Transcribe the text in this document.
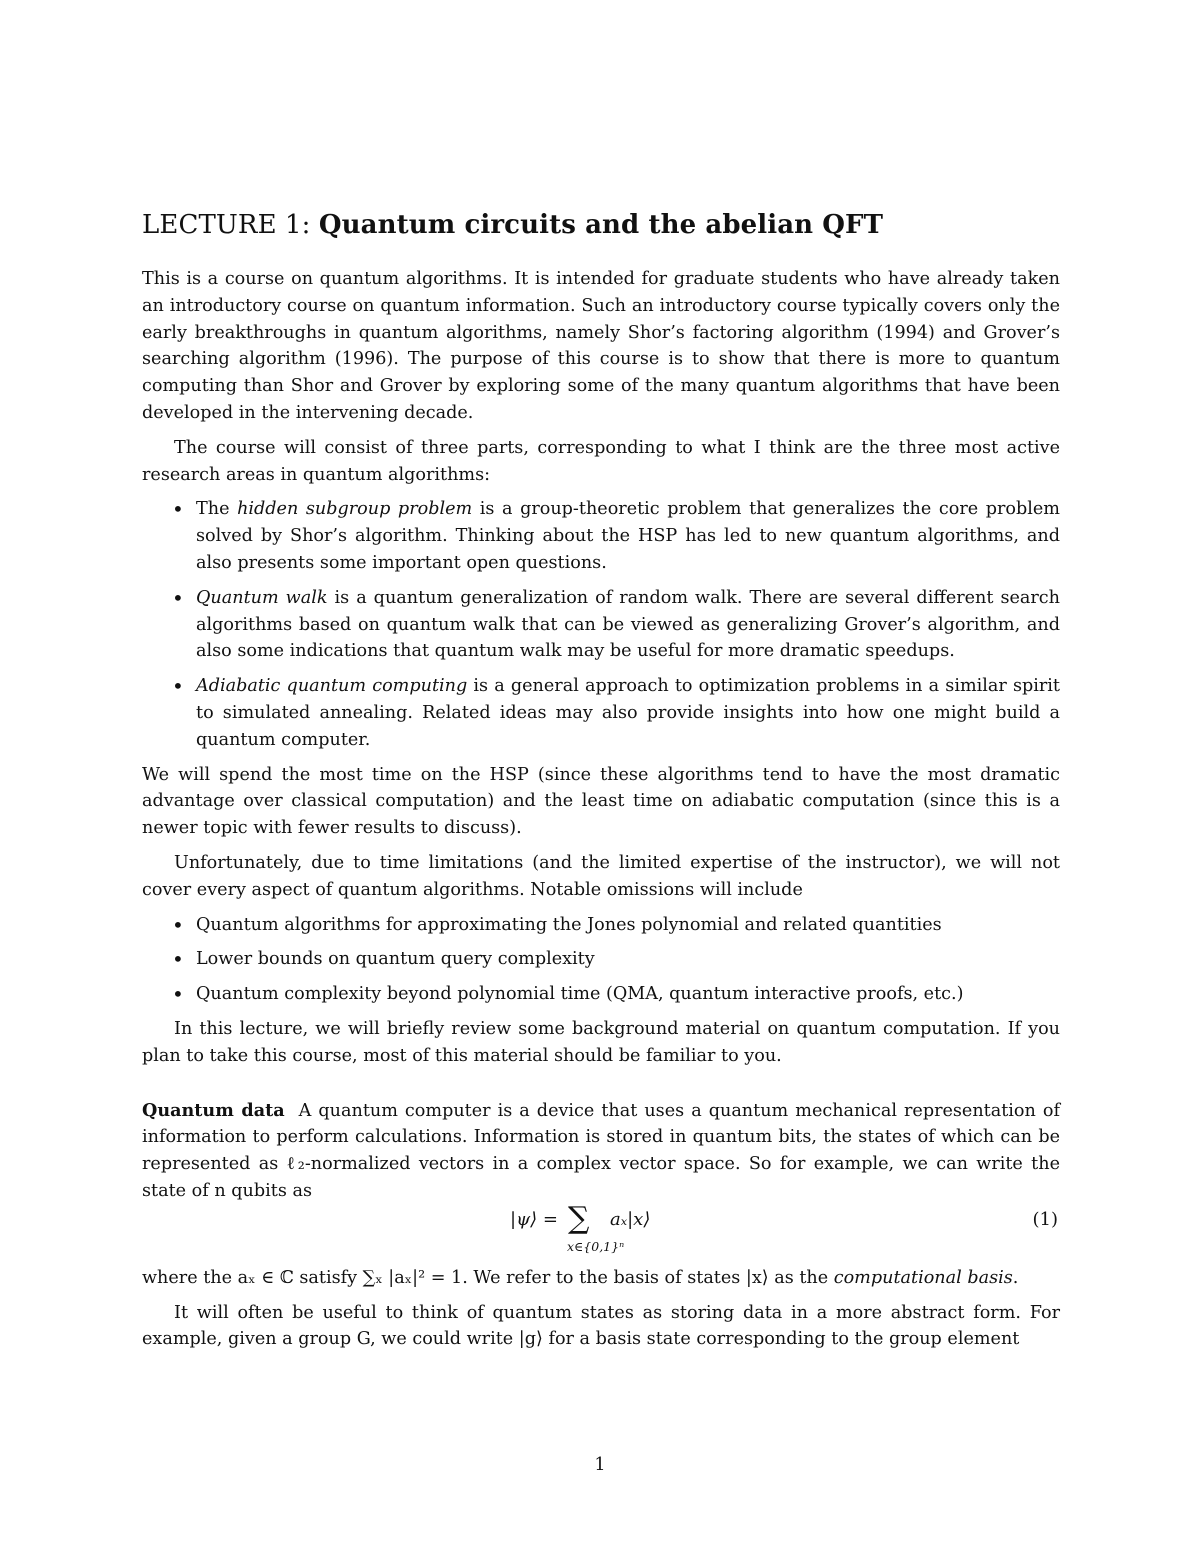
LECTURE 1: Quantum circuits and the abelian QFT

This is a course on quantum algorithms. It is intended for graduate students who have already taken an introductory course on quantum information. Such an introductory course typically covers only the early breakthroughs in quantum algorithms, namely Shor’s factoring algorithm (1994) and Grover’s searching algorithm (1996). The purpose of this course is to show that there is more to quantum computing than Shor and Grover by exploring some of the many quantum algorithms that have been developed in the intervening decade.

The course will consist of three parts, corresponding to what I think are the three most active research areas in quantum algorithms:

• The hidden subgroup problem is a group-theoretic problem that generalizes the core problem solved by Shor’s algorithm. Thinking about the HSP has led to new quantum algorithms, and also presents some important open questions.
• Quantum walk is a quantum generalization of random walk. There are several different search algorithms based on quantum walk that can be viewed as generalizing Grover’s algorithm, and also some indications that quantum walk may be useful for more dramatic speedups.
• Adiabatic quantum computing is a general approach to optimization problems in a similar spirit to simulated annealing. Related ideas may also provide insights into how one might build a quantum computer.

We will spend the most time on the HSP (since these algorithms tend to have the most dramatic advantage over classical computation) and the least time on adiabatic computation (since this is a newer topic with fewer results to discuss).

Unfortunately, due to time limitations (and the limited expertise of the instructor), we will not cover every aspect of quantum algorithms. Notable omissions will include

• Quantum algorithms for approximating the Jones polynomial and related quantities
• Lower bounds on quantum query complexity
• Quantum complexity beyond polynomial time (QMA, quantum interactive proofs, etc.)

In this lecture, we will briefly review some background material on quantum computation. If you plan to take this course, most of this material should be familiar to you.

Quantum data A quantum computer is a device that uses a quantum mechanical representation of information to perform calculations. Information is stored in quantum bits, the states of which can be represented as ℓ₂-normalized vectors in a complex vector space. So for example, we can write the state of n qubits as

|ψ⟩ = ∑
x∈{0,1}ⁿ
aₓ|x⟩	(1)

where the aₓ ∈ ℂ satisfy ∑ₓ |aₓ|² = 1. We refer to the basis of states |x⟩ as the computational basis.

It will often be useful to think of quantum states as storing data in a more abstract form. For example, given a group G, we could write |g⟩ for a basis state corresponding to the group element

1
